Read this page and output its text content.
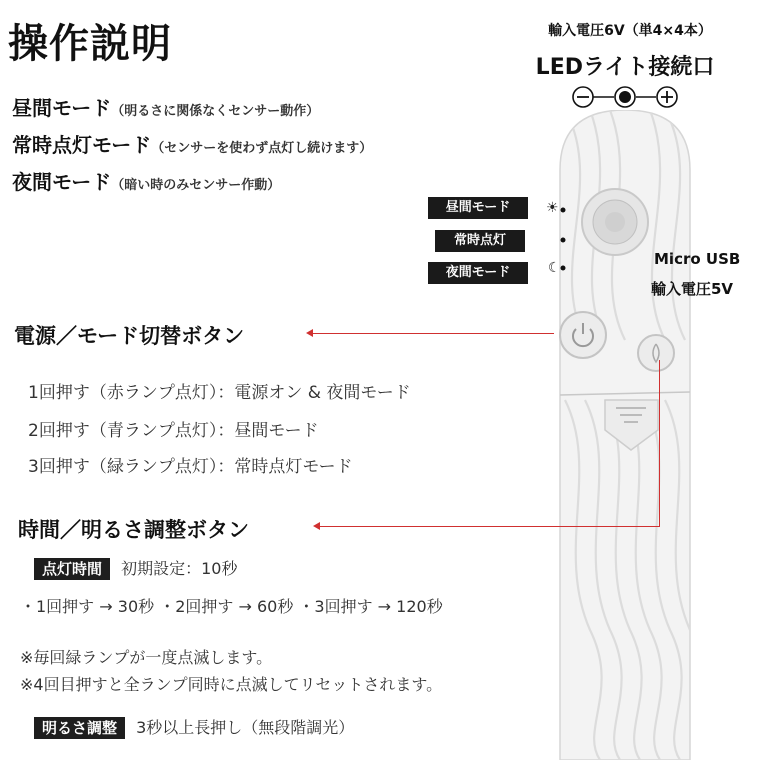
操作説明
昼間モード（明るさに関係なくセンサー動作）
常時点灯モード（センサーを使わず点灯し続けます）
夜間モード（暗い時のみセンサー作動）
輸入電圧6V（単4×4本）
LEDライト接続口
昼間モード
常時点灯
夜間モード
☀
☾	Micro USB
輸入電圧5V
電源／モード切替ボタン
1回押す（赤ランプ点灯）：電源オン & 夜間モード
2回押す（青ランプ点灯）：昼間モード
3回押す（緑ランプ点灯）：常時点灯モード
時間／明るさ調整ボタン
点灯時間 初期設定：10秒
・1回押す → 30秒 ・2回押す → 60秒 ・3回押す → 120秒
※毎回緑ランプが一度点滅します。
※4回目押すと全ランプ同時に点滅してリセットされます。
明るさ調整 3秒以上長押し（無段階調光）
